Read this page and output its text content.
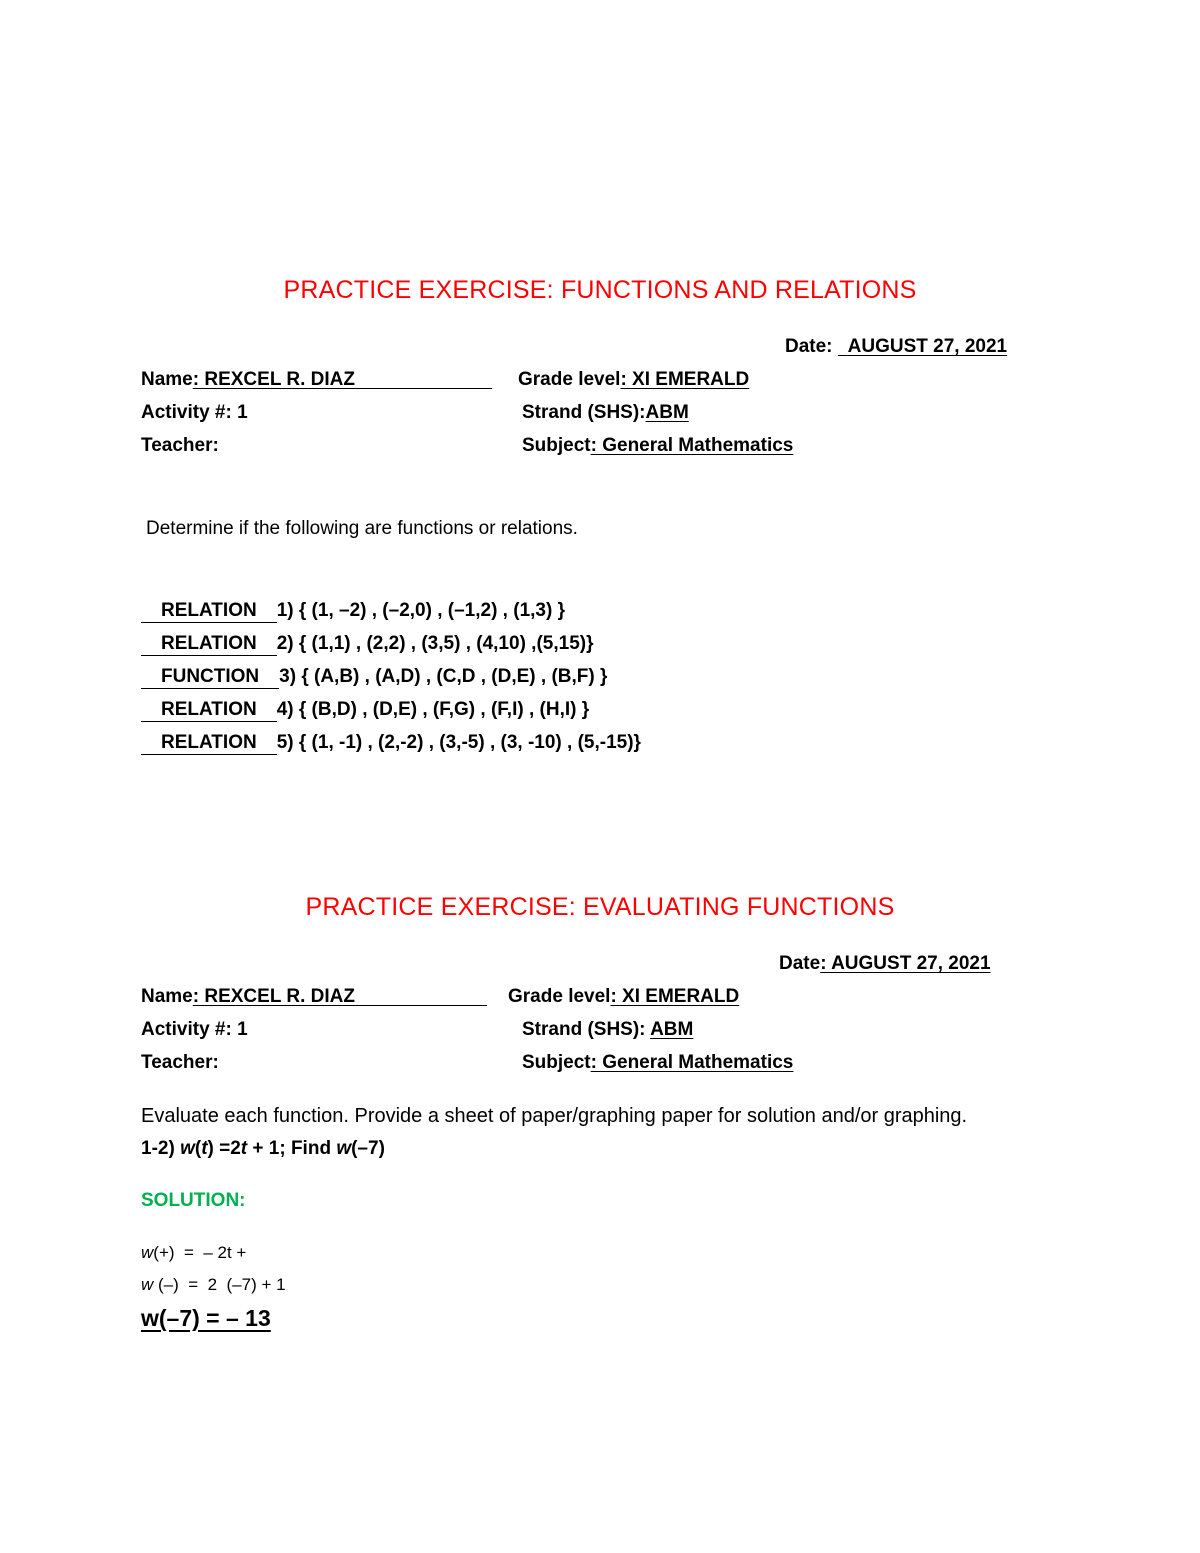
PRACTICE EXERCISE: FUNCTIONS AND RELATIONS
Date: AUGUST 27, 2021
Name: REXCEL R. DIAZ	Grade level: XI EMERALD
Activity #: 1	Strand (SHS):ABM
Teacher:	Subject: General Mathematics
Determine if the following are functions or relations.
RELATION 1) { (1, –2) , (–2,0) , (–1,2) , (1,3) }
RELATION 2) { (1,1) , (2,2) , (3,5) , (4,10) ,(5,15)}
FUNCTION 3) { (A,B) , (A,D) , (C,D , (D,E) , (B,F) }
RELATION 4) { (B,D) , (D,E) , (F,G) , (F,I) , (H,I) }
RELATION 5) { (1, -1) , (2,-2) , (3,-5) , (3, -10) , (5,-15)}
PRACTICE EXERCISE: EVALUATING FUNCTIONS
Date: AUGUST 27, 2021
Name: REXCEL R. DIAZ	Grade level: XI EMERALD
Activity #: 1	Strand (SHS): ABM
Teacher:	Subject: General Mathematics
Evaluate each function. Provide a sheet of paper/graphing paper for solution and/or graphing.
1-2) w(t) =2t + 1; Find w(–7)
SOLUTION:
w(+)  =  – 2t +
w (–)  =  2  (–7) + 1
w(–7) = – 13
